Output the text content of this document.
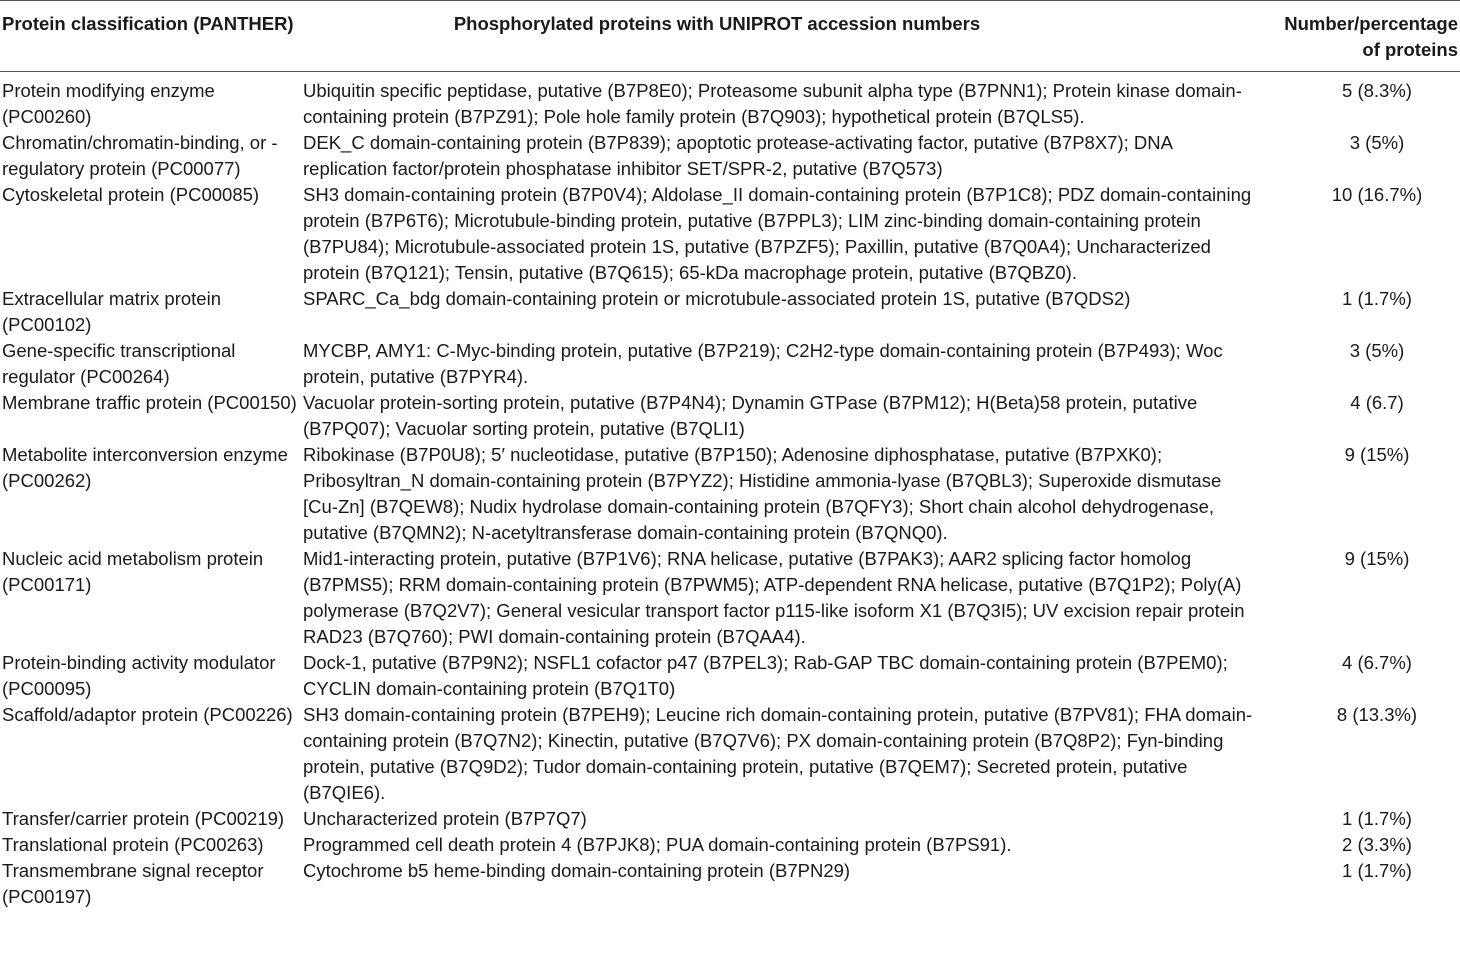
Protein classification (PANTHER)	Phosphorylated proteins with UNIPROT accession numbers	Number/percentage of proteins
Protein modifying enzyme (PC00260)	Ubiquitin specific peptidase, putative (B7P8E0); Proteasome subunit alpha type (B7PNN1); Protein kinase domain-containing protein (B7PZ91); Pole hole family protein (B7Q903); hypothetical protein (B7QLS5).	5 (8.3%)
Chromatin/chromatin-binding, or -regulatory protein (PC00077)	DEK_C domain-containing protein (B7P839); apoptotic protease-activating factor, putative (B7P8X7); DNA replication factor/protein phosphatase inhibitor SET/SPR-2, putative (B7Q573)	3 (5%)
Cytoskeletal protein (PC00085)	SH3 domain-containing protein (B7P0V4); Aldolase_II domain-containing protein (B7P1C8); PDZ domain-containing protein (B7P6T6); Microtubule-binding protein, putative (B7PPL3); LIM zinc-binding domain-containing protein (B7PU84); Microtubule-associated protein 1S, putative (B7PZF5); Paxillin, putative (B7Q0A4); Uncharacterized protein (B7Q121); Tensin, putative (B7Q615); 65-kDa macrophage protein, putative (B7QBZ0).	10 (16.7%)
Extracellular matrix protein (PC00102)	SPARC_Ca_bdg domain-containing protein or microtubule-associated protein 1S, putative (B7QDS2)	1 (1.7%)
Gene-specific transcriptional regulator (PC00264)	MYCBP, AMY1: C-Myc-binding protein, putative (B7P219); C2H2-type domain-containing protein (B7P493); Woc protein, putative (B7PYR4).	3 (5%)
Membrane traffic protein (PC00150)	Vacuolar protein-sorting protein, putative (B7P4N4); Dynamin GTPase (B7PM12); H(Beta)58 protein, putative (B7PQ07); Vacuolar sorting protein, putative (B7QLI1)	4 (6.7)
Metabolite interconversion enzyme (PC00262)	Ribokinase (B7P0U8); 5′ nucleotidase, putative (B7P150); Adenosine diphosphatase, putative (B7PXK0); Pribosyltran_N domain-containing protein (B7PYZ2); Histidine ammonia-lyase (B7QBL3); Superoxide dismutase [Cu-Zn] (B7QEW8); Nudix hydrolase domain-containing protein (B7QFY3); Short chain alcohol dehydrogenase, putative (B7QMN2); N-acetyltransferase domain-containing protein (B7QNQ0).	9 (15%)
Nucleic acid metabolism protein (PC00171)	Mid1-interacting protein, putative (B7P1V6); RNA helicase, putative (B7PAK3); AAR2 splicing factor homolog (B7PMS5); RRM domain-containing protein (B7PWM5); ATP-dependent RNA helicase, putative (B7Q1P2); Poly(A) polymerase (B7Q2V7); General vesicular transport factor p115-like isoform X1 (B7Q3I5); UV excision repair protein RAD23 (B7Q760); PWI domain-containing protein (B7QAA4).	9 (15%)
Protein-binding activity modulator (PC00095)	Dock-1, putative (B7P9N2); NSFL1 cofactor p47 (B7PEL3); Rab-GAP TBC domain-containing protein (B7PEM0); CYCLIN domain-containing protein (B7Q1T0)	4 (6.7%)
Scaffold/adaptor protein (PC00226)	SH3 domain-containing protein (B7PEH9); Leucine rich domain-containing protein, putative (B7PV81); FHA domain-containing protein (B7Q7N2); Kinectin, putative (B7Q7V6); PX domain-containing protein (B7Q8P2); Fyn-binding protein, putative (B7Q9D2); Tudor domain-containing protein, putative (B7QEM7); Secreted protein, putative (B7QIE6).	8 (13.3%)
Transfer/carrier protein (PC00219)	Uncharacterized protein (B7P7Q7)	1 (1.7%)
Translational protein (PC00263)	Programmed cell death protein 4 (B7PJK8); PUA domain-containing protein (B7PS91).	2 (3.3%)
Transmembrane signal receptor (PC00197)	Cytochrome b5 heme-binding domain-containing protein (B7PN29)	1 (1.7%)
